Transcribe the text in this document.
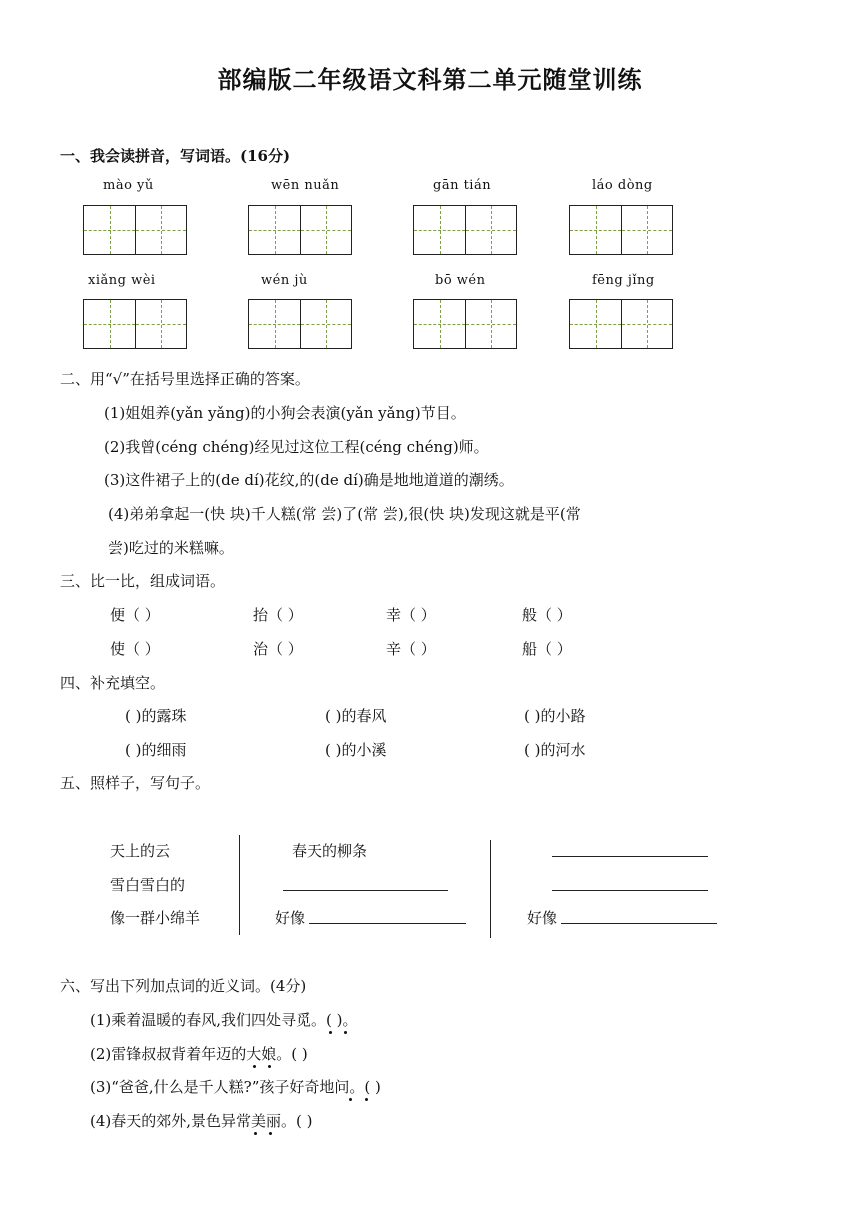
部编版二年级语文科第二单元随堂训练
一、我会读拼音，写词语。(16分)
mào yǔ	wēn nuǎn	gān tián	láo dòng
xiǎng wèi	wén jù	bō wén	fēng jǐng
二、用“√”在括号里选择正确的答案。
(1)姐姐养(yǎn yǎng)的小狗会表演(yǎn yǎng)节目。
(2)我曾(céng chéng)经见过这位工程(céng chéng)师。
(3)这件裙子上的(de dí)花纹,的(de dí)确是地地道道的潮绣。
(4)弟弟拿起一(快 块)千人糕(常 尝)了(常 尝),很(快 块)发现这就是平(常
尝)吃过的米糕嘛。
三、比一比，组成词语。
便（ ）	抬（ ）	幸（ ）	般（ ）
使（ ）	治（ ）	辛（ ）	船（ ）
四、补充填空。
( )的露珠	( )的春风	( )的小路
( )的细雨	( )的小溪	( )的河水
五、照样子，写句子。
天上的云
雪白雪白的
像一群小绵羊
春天的柳条
好像	好像
六、写出下列加点词的近义词。(4分)
(1)乘着温暖的春风,我们四处寻觅。( )。
(2)雷锋叔叔背着年迈的大娘。( )
(3)“爸爸,什么是千人糕?”孩子好奇地问。( )
(4)春天的郊外,景色异常美丽。( )
